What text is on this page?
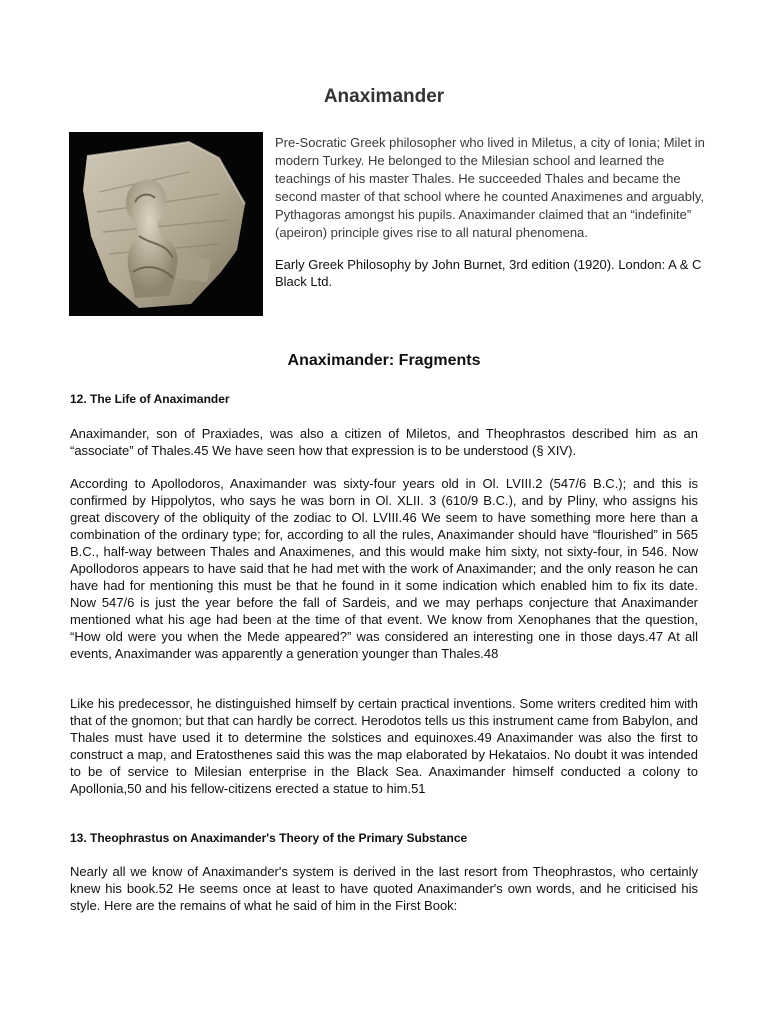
Anaximander

Pre-Socratic Greek philosopher who lived in Miletus, a city of Ionia; Milet in modern Turkey. He belonged to the Milesian school and learned the teachings of his master Thales. He succeeded Thales and became the second master of that school where he counted Anaximenes and arguably, Pythagoras amongst his pupils. Anaximander claimed that an “indefinite” (apeiron) principle gives rise to all natural phenomena.

Early Greek Philosophy by John Burnet, 3rd edition (1920). London: A & C Black Ltd.

Anaximander: Fragments

12. The Life of Anaximander

Anaximander, son of Praxiades, was also a citizen of Miletos, and Theophrastos described him as an “associate” of Thales.45 We have seen how that expression is to be understood (§ XIV).

According to Apollodoros, Anaximander was sixty-four years old in Ol. LVIII.2 (547/6 B.C.); and this is confirmed by Hippolytos, who says he was born in Ol. XLII. 3 (610/9 B.C.), and by Pliny, who assigns his great discovery of the obliquity of the zodiac to Ol. LVIII.46 We seem to have something more here than a combination of the ordinary type; for, according to all the rules, Anaximander should have “flourished” in 565 B.C., half-way between Thales and Anaximenes, and this would make him sixty, not sixty-four, in 546. Now Apollodoros appears to have said that he had met with the work of Anaximander; and the only reason he can have had for mentioning this must be that he found in it some indication which enabled him to fix its date. Now 547/6 is just the year before the fall of Sardeis, and we may perhaps conjecture that Anaximander mentioned what his age had been at the time of that event. We know from Xenophanes that the question, “How old were you when the Mede appeared?” was considered an interesting one in those days.47 At all events, Anaximander was apparently a generation younger than Thales.48

Like his predecessor, he distinguished himself by certain practical inventions. Some writers credited him with that of the gnomon; but that can hardly be correct. Herodotos tells us this instrument came from Babylon, and Thales must have used it to determine the solstices and equinoxes.49 Anaximander was also the first to construct a map, and Eratosthenes said this was the map elaborated by Hekataios. No doubt it was intended to be of service to Milesian enterprise in the Black Sea. Anaximander himself conducted a colony to Apollonia,50 and his fellow-citizens erected a statue to him.51

13. Theophrastus on Anaximander's Theory of the Primary Substance

Nearly all we know of Anaximander's system is derived in the last resort from Theophrastos, who certainly knew his book.52 He seems once at least to have quoted Anaximander's own words, and he criticised his style. Here are the remains of what he said of him in the First Book:
